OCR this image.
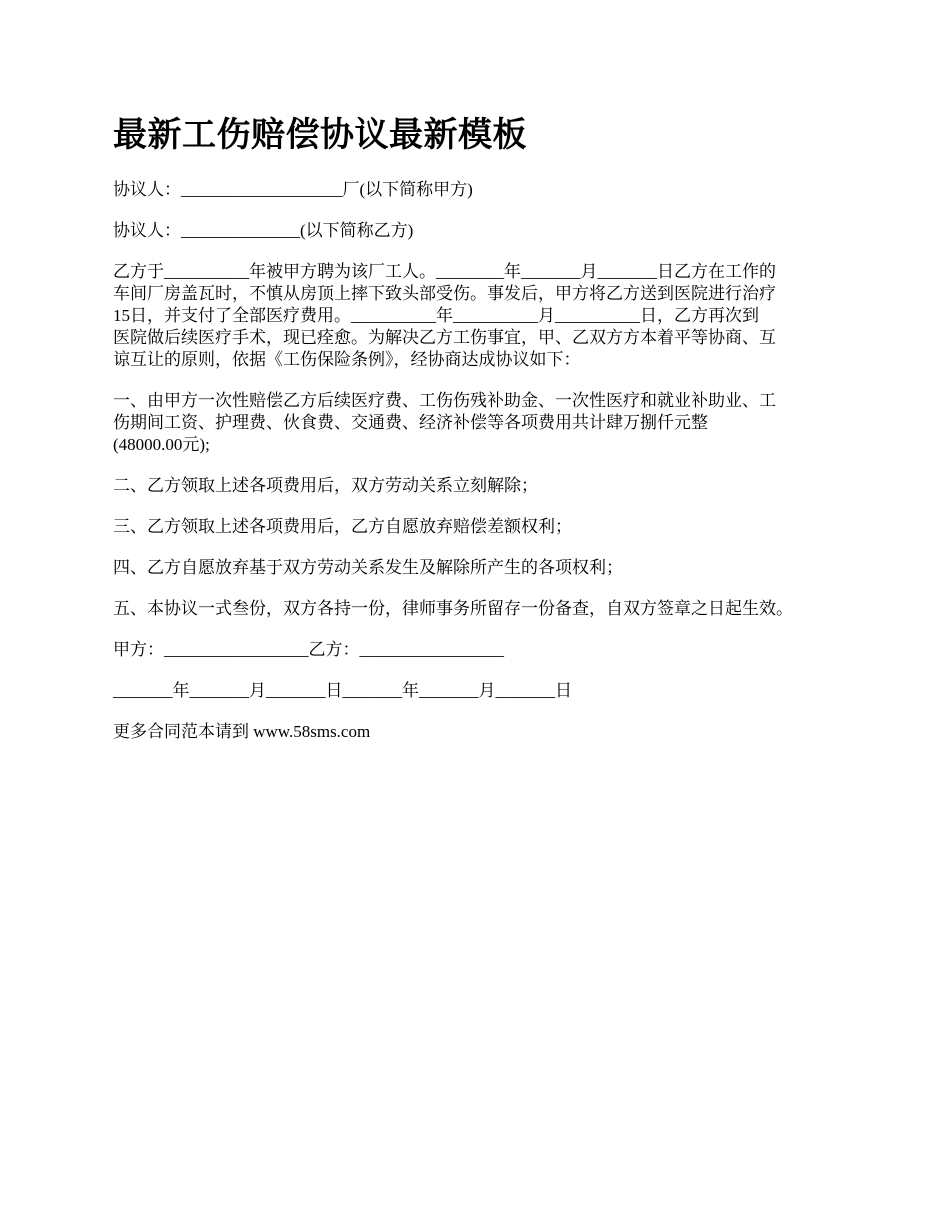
最新工伤赔偿协议最新模板

协议人：___________________厂(以下简称甲方)

协议人：______________(以下简称乙方)

乙方于__________年被甲方聘为该厂工人。________年_______月_______日乙方在工作的
车间厂房盖瓦时，不慎从房顶上摔下致头部受伤。事发后，甲方将乙方送到医院进行治疗
15日，并支付了全部医疗费用。__________年__________月__________日，乙方再次到
医院做后续医疗手术，现已痊愈。为解决乙方工伤事宜，甲、乙双方方本着平等协商、互
谅互让的原则，依据《工伤保险条例》，经协商达成协议如下：

一、由甲方一次性赔偿乙方后续医疗费、工伤伤残补助金、一次性医疗和就业补助业、工
伤期间工资、护理费、伙食费、交通费、经济补偿等各项费用共计肆万捌仟元整
(48000.00元);

二、乙方领取上述各项费用后，双方劳动关系立刻解除；

三、乙方领取上述各项费用后，乙方自愿放弃赔偿差额权利；

四、乙方自愿放弃基于双方劳动关系发生及解除所产生的各项权利；

五、本协议一式叁份，双方各持一份，律师事务所留存一份备查，自双方签章之日起生效。

甲方：_________________乙方：_________________

_______年_______月_______日_______年_______月_______日

更多合同范本请到 www.58sms.com
